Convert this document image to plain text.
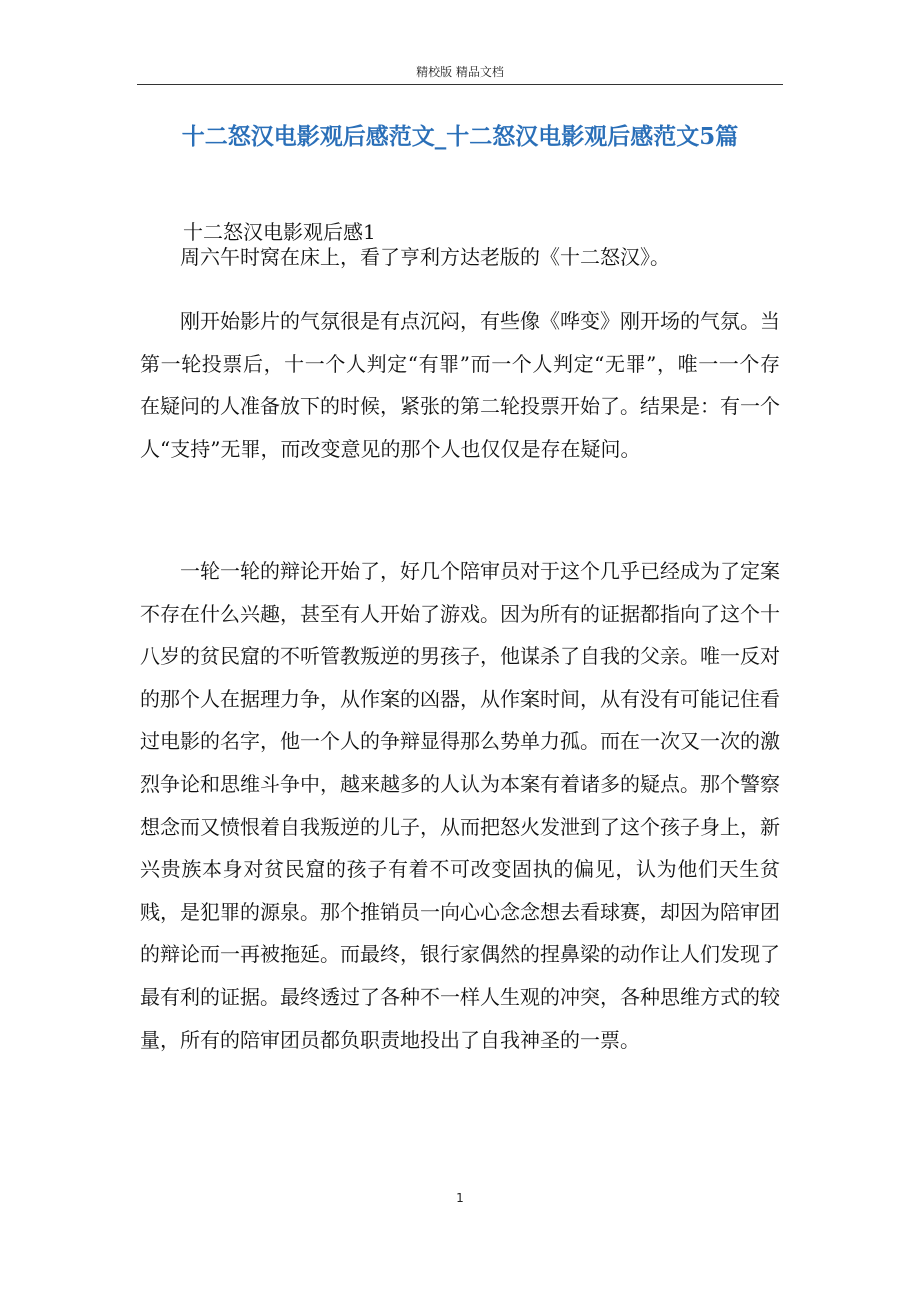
精校版 精品文档
十二怒汉电影观后感范文_十二怒汉电影观后感范文5篇
十二怒汉电影观后感1

周六午时窝在床上，看了亨利方达老版的《十二怒汉》。

刚开始影片的气氛很是有点沉闷，有些像《哗变》刚开场的气氛。当第一轮投票后，十一个人判定“有罪”而一个人判定“无罪”，唯一一个存在疑问的人准备放下的时候，紧张的第二轮投票开始了。结果是：有一个人“支持”无罪，而改变意见的那个人也仅仅是存在疑问。

一轮一轮的辩论开始了，好几个陪审员对于这个几乎已经成为了定案不存在什么兴趣，甚至有人开始了游戏。因为所有的证据都指向了这个十八岁的贫民窟的不听管教叛逆的男孩子，他谋杀了自我的父亲。唯一反对的那个人在据理力争，从作案的凶器，从作案时间，从有没有可能记住看过电影的名字，他一个人的争辩显得那么势单力孤。而在一次又一次的激烈争论和思维斗争中，越来越多的人认为本案有着诸多的疑点。那个警察想念而又愤恨着自我叛逆的儿子，从而把怒火发泄到了这个孩子身上，新兴贵族本身对贫民窟的孩子有着不可改变固执的偏见，认为他们天生贫贱，是犯罪的源泉。那个推销员一向心心念念想去看球赛，却因为陪审团的辩论而一再被拖延。而最终，银行家偶然的捏鼻梁的动作让人们发现了最有利的证据。最终透过了各种不一样人生观的冲突，各种思维方式的较量，所有的陪审团员都负职责地投出了自我神圣的一票。

1
